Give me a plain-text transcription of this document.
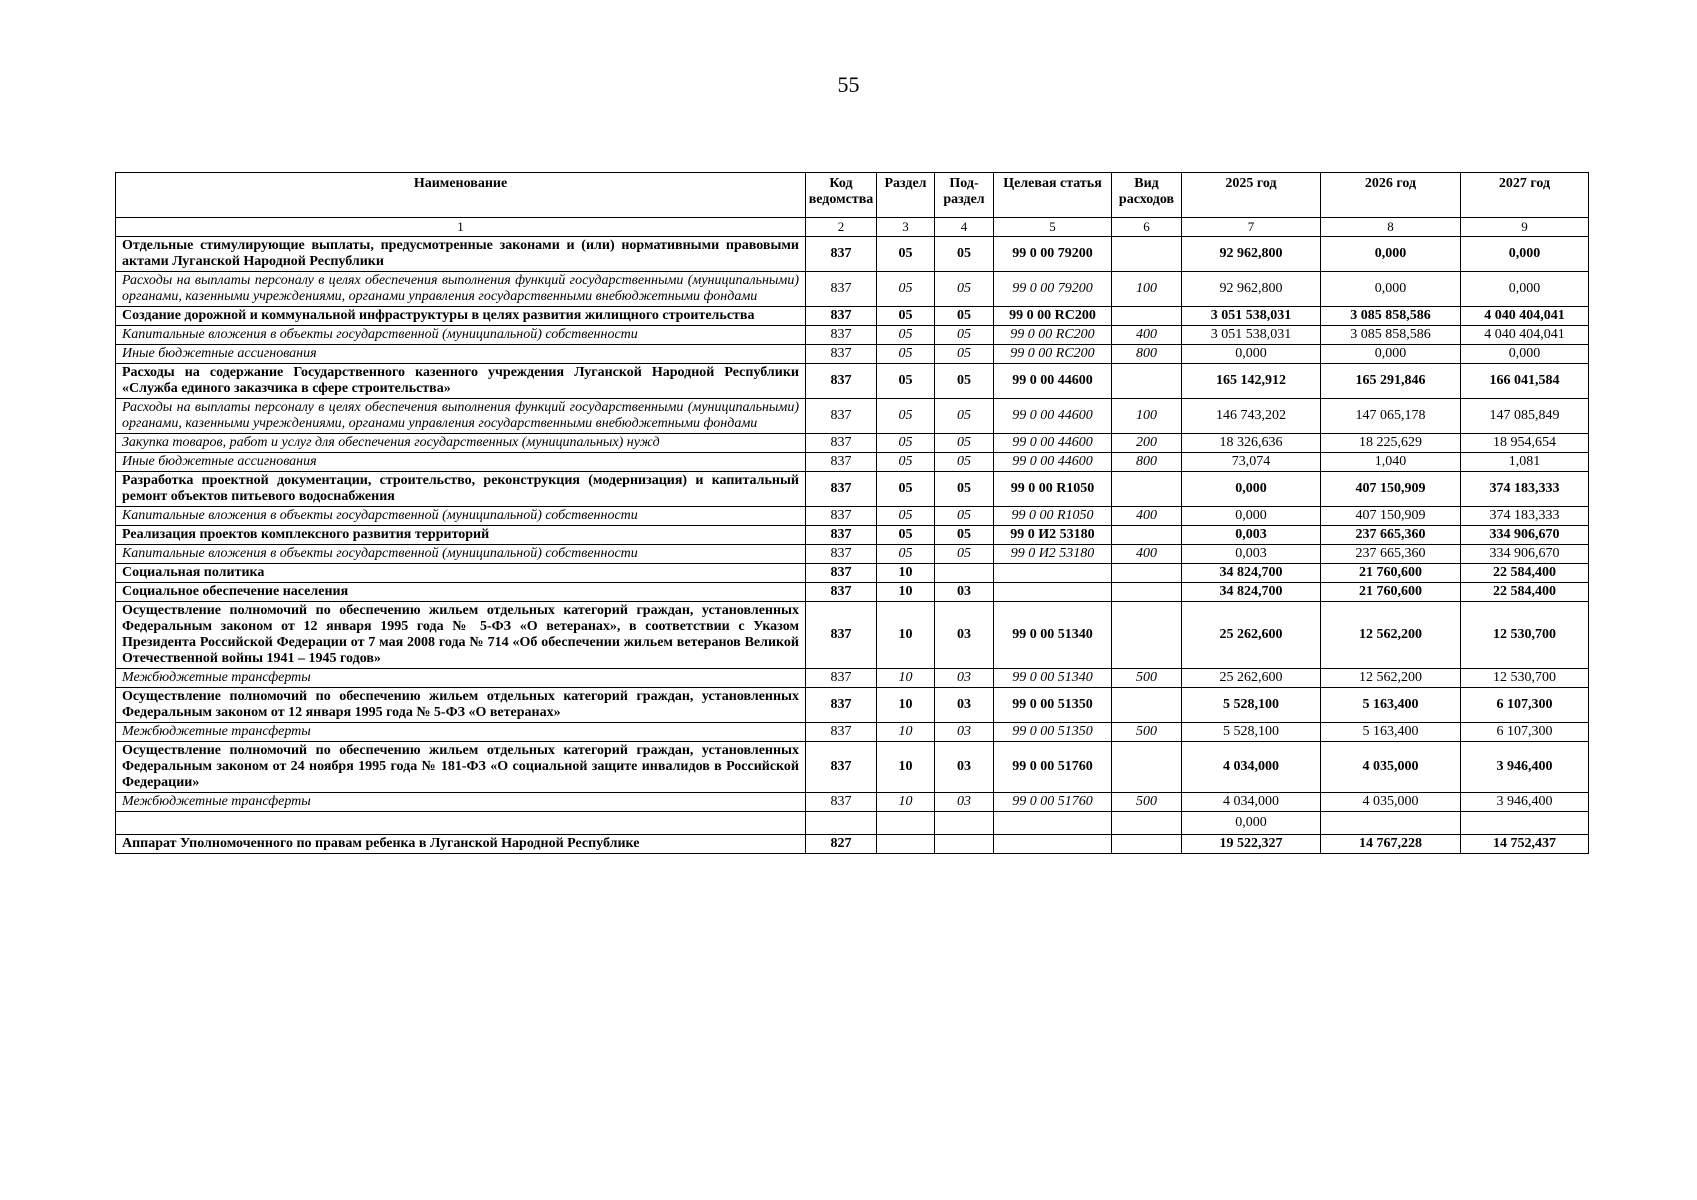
55
Наименование	Код ведомства	Раздел	Под-раздел	Целевая статья	Вид расходов	2025 год	2026 год	2027 год
1	2	3	4	5	6	7	8	9
Отдельные стимулирующие выплаты, предусмотренные законами и (или) нормативными правовыми актами Луганской Народной Республики	837	05	05	99 0 00 79200		92 962,800	0,000	0,000
Расходы на выплаты персоналу в целях обеспечения выполнения функций государственными (муниципальными) органами, казенными учреждениями, органами управления государственными внебюджетными фондами	837	05	05	99 0 00 79200	100	92 962,800	0,000	0,000
Создание дорожной и коммунальной инфраструктуры в целях развития жилищного строительства	837	05	05	99 0 00 RC200		3 051 538,031	3 085 858,586	4 040 404,041
Капитальные вложения в объекты государственной (муниципальной) собственности	837	05	05	99 0 00 RC200	400	3 051 538,031	3 085 858,586	4 040 404,041
Иные бюджетные ассигнования	837	05	05	99 0 00 RC200	800	0,000	0,000	0,000
Расходы на содержание Государственного казенного учреждения Луганской Народной Республики «Служба единого заказчика в сфере строительства»	837	05	05	99 0 00 44600		165 142,912	165 291,846	166 041,584
Расходы на выплаты персоналу в целях обеспечения выполнения функций государственными (муниципальными) органами, казенными учреждениями, органами управления государственными внебюджетными фондами	837	05	05	99 0 00 44600	100	146 743,202	147 065,178	147 085,849
Закупка товаров, работ и услуг для обеспечения государственных (муниципальных) нужд	837	05	05	99 0 00 44600	200	18 326,636	18 225,629	18 954,654
Иные бюджетные ассигнования	837	05	05	99 0 00 44600	800	73,074	1,040	1,081
Разработка проектной документации, строительство, реконструкция (модернизация) и капитальный ремонт объектов питьевого водоснабжения	837	05	05	99 0 00 R1050		0,000	407 150,909	374 183,333
Капитальные вложения в объекты государственной (муниципальной) собственности	837	05	05	99 0 00 R1050	400	0,000	407 150,909	374 183,333
Реализация проектов комплексного развития территорий	837	05	05	99 0 И2 53180		0,003	237 665,360	334 906,670
Капитальные вложения в объекты государственной (муниципальной) собственности	837	05	05	99 0 И2 53180	400	0,003	237 665,360	334 906,670
Социальная политика	837	10				34 824,700	21 760,600	22 584,400
Социальное обеспечение населения	837	10	03			34 824,700	21 760,600	22 584,400
Осуществление полномочий по обеспечению жильем отдельных категорий граждан, установленных Федеральным законом от 12 января 1995 года № 5-ФЗ «О ветеранах», в соответствии с Указом Президента Российской Федерации от 7 мая 2008 года № 714 «Об обеспечении жильем ветеранов Великой Отечественной войны 1941 – 1945 годов»	837	10	03	99 0 00 51340		25 262,600	12 562,200	12 530,700
Межбюджетные трансферты	837	10	03	99 0 00 51340	500	25 262,600	12 562,200	12 530,700
Осуществление полномочий по обеспечению жильем отдельных категорий граждан, установленных Федеральным законом от 12 января 1995 года № 5-ФЗ «О ветеранах»	837	10	03	99 0 00 51350		5 528,100	5 163,400	6 107,300
Межбюджетные трансферты	837	10	03	99 0 00 51350	500	5 528,100	5 163,400	6 107,300
Осуществление полномочий по обеспечению жильем отдельных категорий граждан, установленных Федеральным законом от 24 ноября 1995 года № 181-ФЗ «О социальной защите инвалидов в Российской Федерации»	837	10	03	99 0 00 51760		4 034,000	4 035,000	3 946,400
Межбюджетные трансферты	837	10	03	99 0 00 51760	500	4 034,000	4 035,000	3 946,400
						0,000		
Аппарат Уполномоченного по правам ребенка в Луганской Народной Республике	827					19 522,327	14 767,228	14 752,437
